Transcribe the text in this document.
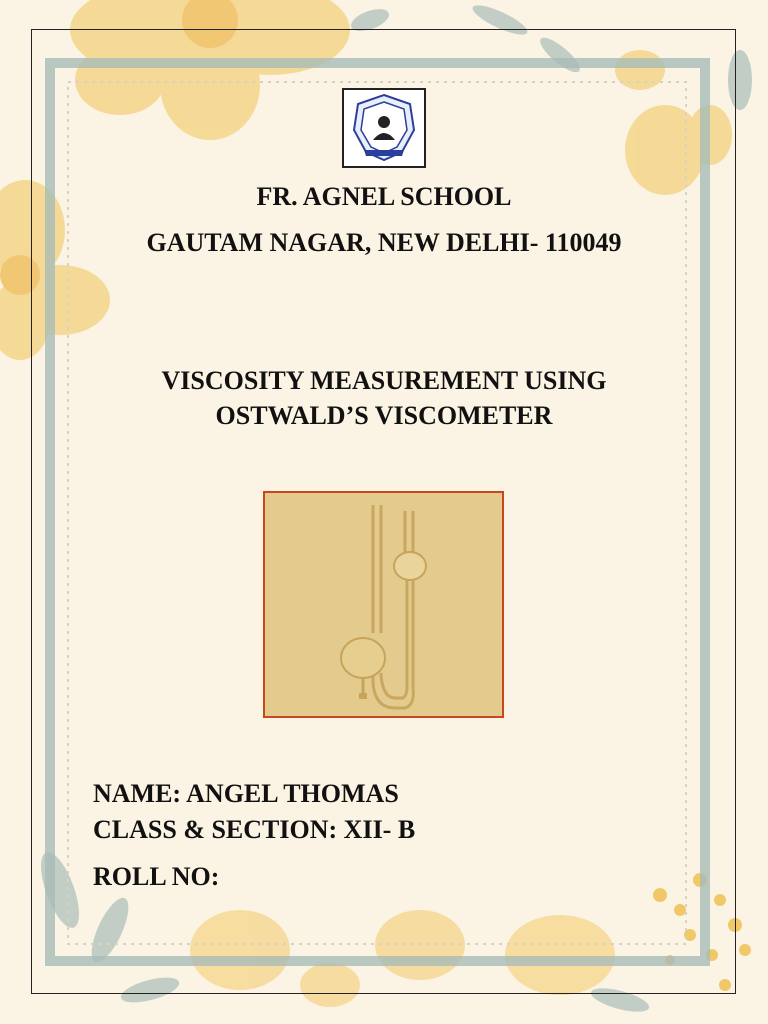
FR. AGNEL SCHOOL
GAUTAM NAGAR, NEW DELHI- 110049
VISCOSITY MEASUREMENT USING
OSTWALD’S VISCOMETER
NAME: ANGEL THOMAS
CLASS & SECTION: XII- B
ROLL NO:
